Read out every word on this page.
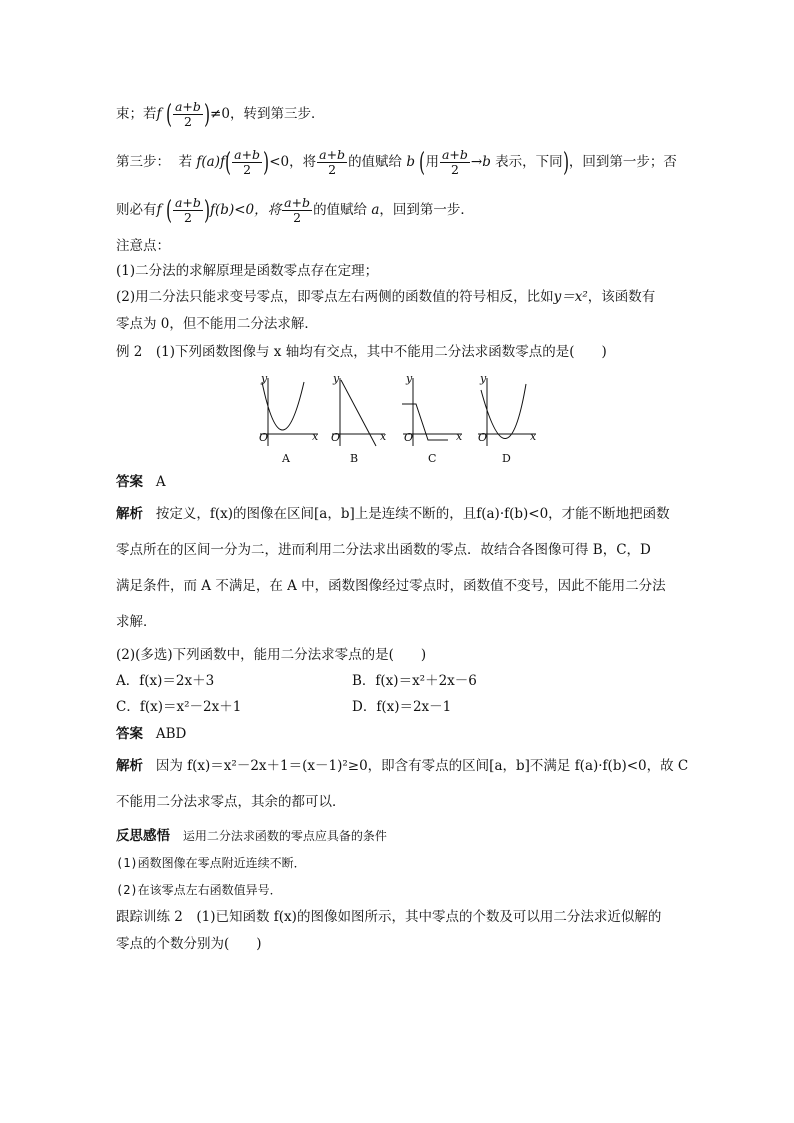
束；若f ( $\frac{a+b}{2} )\ne 0$，转到第三步．
第三步： 若 $f(a)f( \frac{a+b}{2} )<0$，将 $\frac{a+b}{2}$ 的值赋给 b (用 $\frac{a+b}{2} \to b$ 表示，下同)，回到第一步；否
则必有f ( $\frac{a+b}{2} )f(b)<0$，将 $\frac{a+b}{2}$ 的值赋给 a，回到第一步．
注意点：
(1)二分法的求解原理是函数零点存在定理；
(2)用二分法只能求变号零点，即零点左右两侧的函数值的符号相反，比如y＝x²，该函数有
零点为 0，但不能用二分法求解．
例 2　(1)下列函数图像与 x 轴均有交点，其中不能用二分法求函数零点的是(　　)
y
x
O
y
x
O
y
x
O
y
x
O
A	B	C	D
答案 A
解析 按定义，f(x)的图像在区间[a，b]上是连续不断的，且f(a)·f(b)<0，才能不断地把函数
零点所在的区间一分为二，进而利用二分法求出函数的零点．故结合各图像可得 B，C，D
满足条件，而 A 不满足，在 A 中，函数图像经过零点时，函数值不变号，因此不能用二分法
求解．
(2)(多选)下列函数中，能用二分法求零点的是(　　)
A．f(x)＝2x＋3	B．f(x)＝x²＋2x－6
C．f(x)＝x²－2x＋1	D．f(x)＝2x－1
答案 ABD
解析 因为 f(x)＝x²－2x＋1＝(x－1)²≥0，即含有零点的区间[a，b]不满足 f(a)·f(b)<0，故 C
不能用二分法求零点，其余的都可以．
反思感悟 运用二分法求函数的零点应具备的条件
(1)函数图像在零点附近连续不断．
(2)在该零点左右函数值异号．
跟踪训练 2　(1)已知函数 f(x)的图像如图所示，其中零点的个数及可以用二分法求近似解的
零点的个数分别为(　　)
